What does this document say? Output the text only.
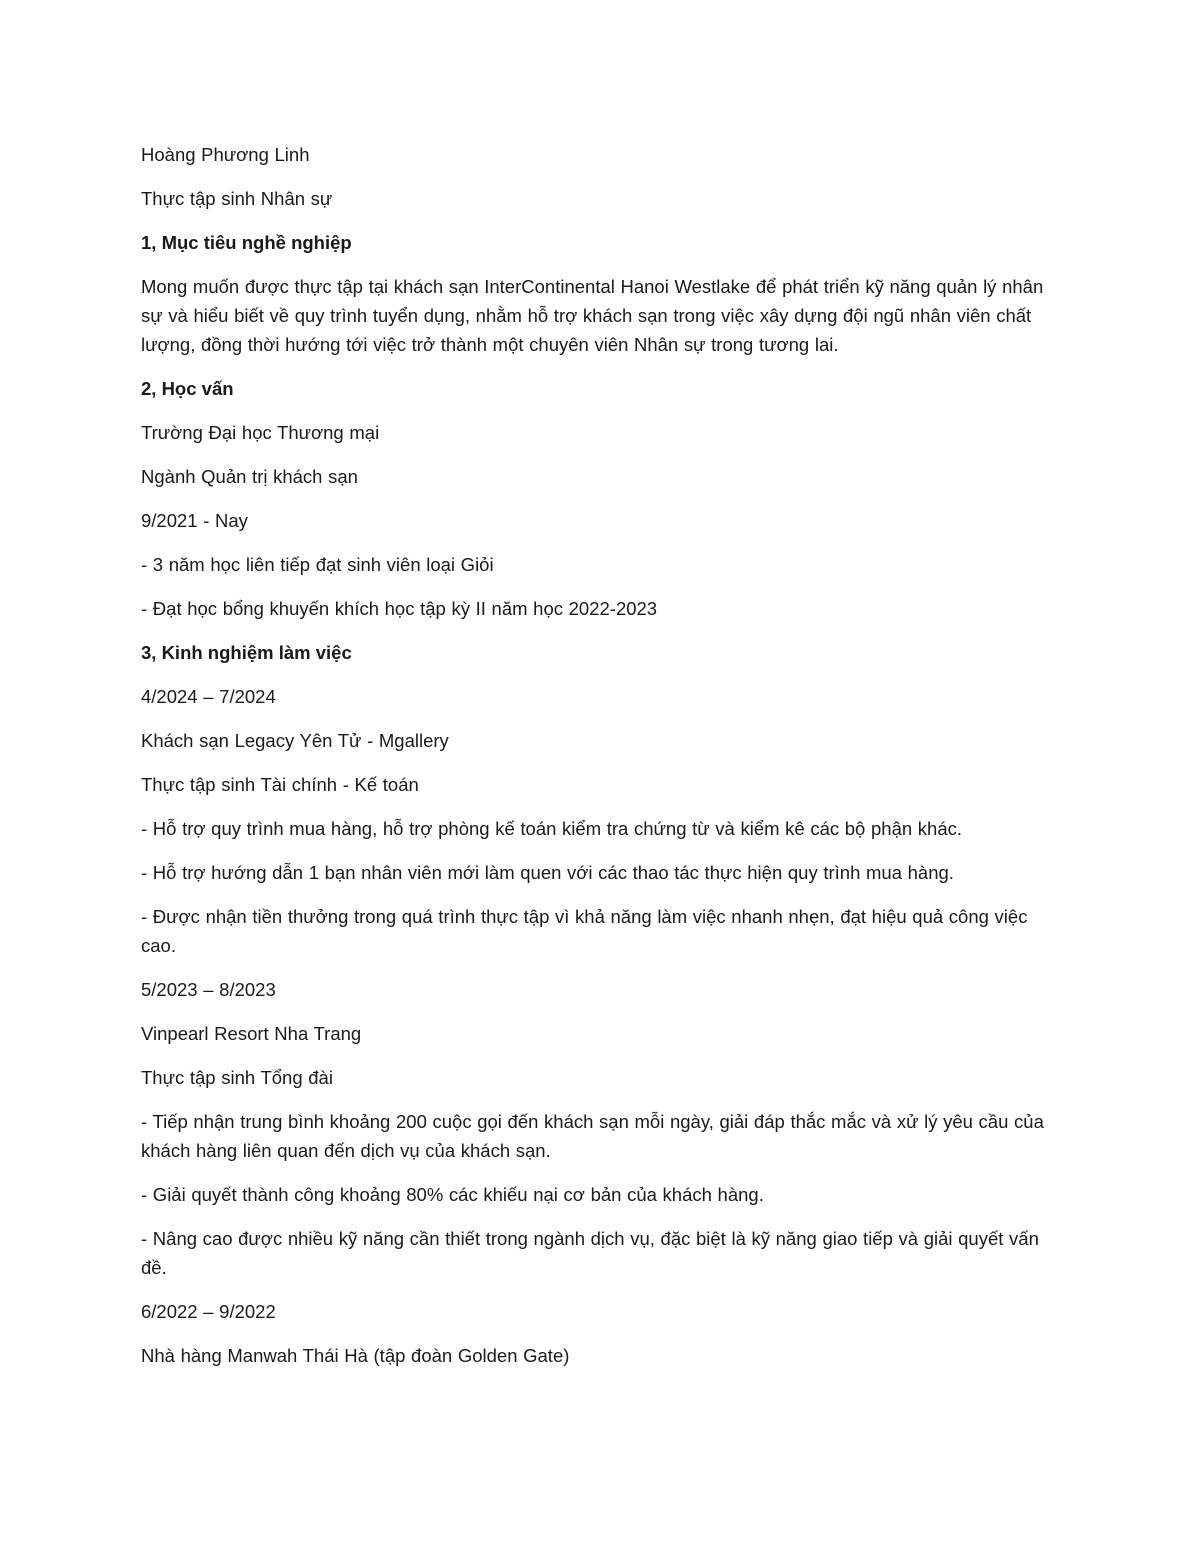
Hoàng Phương Linh

Thực tập sinh Nhân sự

1, Mục tiêu nghề nghiệp

Mong muốn được thực tập tại khách sạn InterContinental Hanoi Westlake để phát triển kỹ năng quản lý nhân sự và hiểu biết về quy trình tuyển dụng, nhằm hỗ trợ khách sạn trong việc xây dựng đội ngũ nhân viên chất lượng, đồng thời hướng tới việc trở thành một chuyên viên Nhân sự trong tương lai.

2, Học vấn

Trường Đại học Thương mại

Ngành Quản trị khách sạn

9/2021 - Nay

- 3 năm học liên tiếp đạt sinh viên loại Giỏi

- Đạt học bổng khuyến khích học tập kỳ II năm học 2022-2023

3, Kinh nghiệm làm việc

4/2024 – 7/2024

Khách sạn Legacy Yên Tử - Mgallery

Thực tập sinh Tài chính - Kế toán

- Hỗ trợ quy trình mua hàng, hỗ trợ phòng kế toán kiểm tra chứng từ và kiểm kê các bộ phận khác.

- Hỗ trợ hướng dẫn 1 bạn nhân viên mới làm quen với các thao tác thực hiện quy trình mua hàng.

- Được nhận tiền thưởng trong quá trình thực tập vì khả năng làm việc nhanh nhẹn, đạt hiệu quả công việc cao.

5/2023 – 8/2023

Vinpearl Resort Nha Trang

Thực tập sinh Tổng đài

- Tiếp nhận trung bình khoảng 200 cuộc gọi đến khách sạn mỗi ngày, giải đáp thắc mắc và xử lý yêu cầu của khách hàng liên quan đến dịch vụ của khách sạn.

- Giải quyết thành công khoảng 80% các khiếu nại cơ bản của khách hàng.

- Nâng cao được nhiều kỹ năng cần thiết trong ngành dịch vụ, đặc biệt là kỹ năng giao tiếp và giải quyết vấn đề.

6/2022 – 9/2022

Nhà hàng Manwah Thái Hà (tập đoàn Golden Gate)
